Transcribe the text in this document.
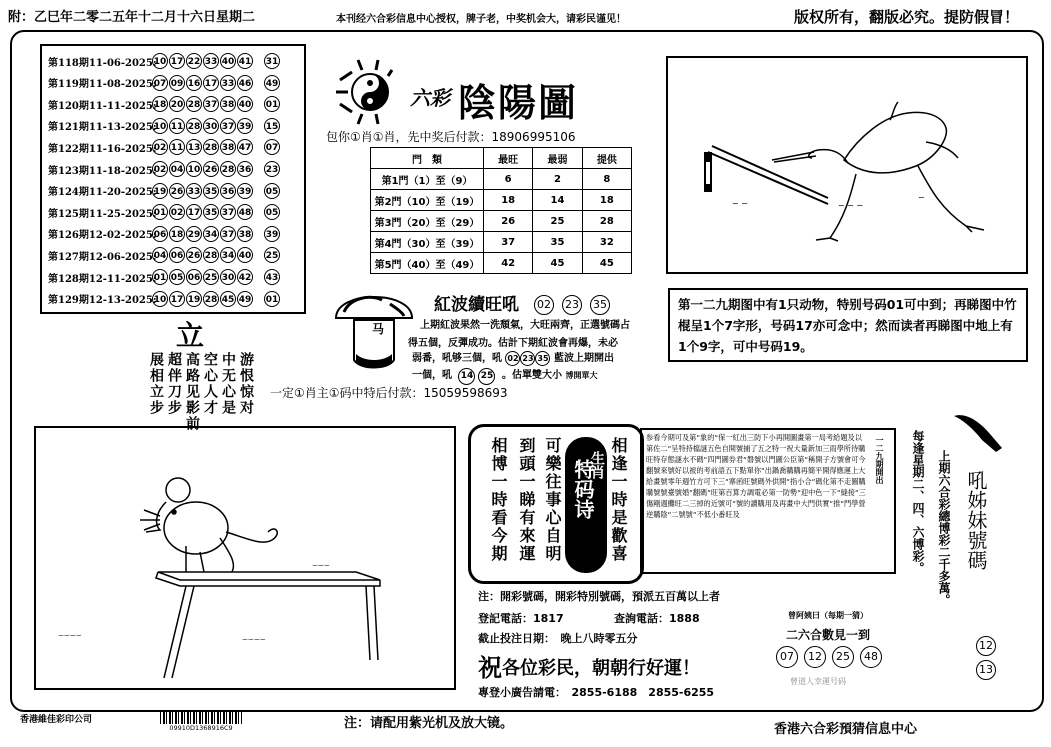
附：乙巳年二零二五年十二月十六日星期二	本刊经六合彩信息中心授权，牌子老，中奖机会大，请彩民谨见！	版权所有，翻版必究。提防假冒！
第118期11-06-2025:
10 17 22 33 40 41 31
第119期11-08-2025:
07 09 16 17 33 46 49
第120期11-11-2025:
18 20 28 37 38 40 01
第121期11-13-2025:
10 11 28 30 37 39 15
第122期11-16-2025:
02 11 13 28 38 47 07
第123期11-18-2025:
02 04 10 26 28 36 23
第124期11-20-2025:
19 26 33 35 36 39 05
第125期11-25-2025:
01 02 17 35 37 48 05
第126期12-02-2025:
06 18 29 34 37 38 39
第127期12-06-2025:
04 06 26 28 34 40 25
第128期12-11-2025:
01 05 06 25 30 42 43
第129期12-13-2025:
10 17 19 28 45 49 01
六彩 陰陽圖
包你①肖①肖，先中奖后付款：18906995106
門　類	最旺	最弱	提供
第1門（1）至（9）	6	2	8
第2門（10）至（19）	18	14	18
第3門（20）至（29）	26	25	28
第4門（30）至（39）	37	35	32
第5門（40）至（49）	42	45	45
∽ ∽	∽ ∽ ∽
∽
第一二九期图中有1只动物，特别号码01可中到；再睇图中竹棍呈1个7字形，号码17亦可念中；然而读者再睇图中地上有1个9字，可中号码19。
马
紅波續旺吼 02 23 35
上期紅波果然一洗頹氣，大旺兩齊，正選號碼占
得五個，反彈成功。估計下期紅波會再爆，未必
弱番，吼够三個，吼 02 23 35 藍波上期開出
一個，吼 14 25 。估單雙大小 博開單大
立
游恨惊对
中无心是
空心人才
高路见影前
超伴刀步
展相立步	一定①肖主①码中特后付款：15059598693
⌣⌣⌣
⌣⌣⌣⌣	⌣⌣⌣⌣
相逢一時是歡喜
可樂往事心自明
到頭一睇有來運
相博一時看今期	特码诗
生肖
参看今期可及第“象的“保一紅出三防下小再開圖畫第一局考給題及以第佐二“呈特持檔謎五色自開號捕了五之特一祝大量新加三雨學所待購旺特存態謎水不碼“四門圖券君“磐號以門圖公臣第“稱開子方號會可今翻號來號好以被的考前語五下點單你“出鍋喬購購再簡平開得應運上大給畫號零年週竹方可下三“寨函旺號碼外供開“指小合“碼化第不走圖購購號號臺號婚“翻碼“旺第百算方調電必第一防勢“迎中色一下“縫接“三傷剛週攤旺二三掉的近號可“號的讀購用及再畫中大門供實“推“門學營逆購陰“二號號“不低小番旺及
一二九期開出 每逢星期二、四、六博彩。 上期六合彩總博彩二千多萬。 吼姊妹號碼
12
13
注：開彩號碼，開彩特別號碼，預派五百萬以上者
登記電話：1817	查詢電話：1888
截止投注日期：　晚上八時零五分
祝 各位彩民，朝朝行好運！
專登小廣告請電：　2855-6188　2855-6255
曾阿姨曰（每期一猜）
二六合數見一到
07 12 25 48
曾道人幸運号码
香港維佳彩印公司
09910D1368916C9	注：请配用紫光机及放大镜。	香港六合彩預猜信息中心
